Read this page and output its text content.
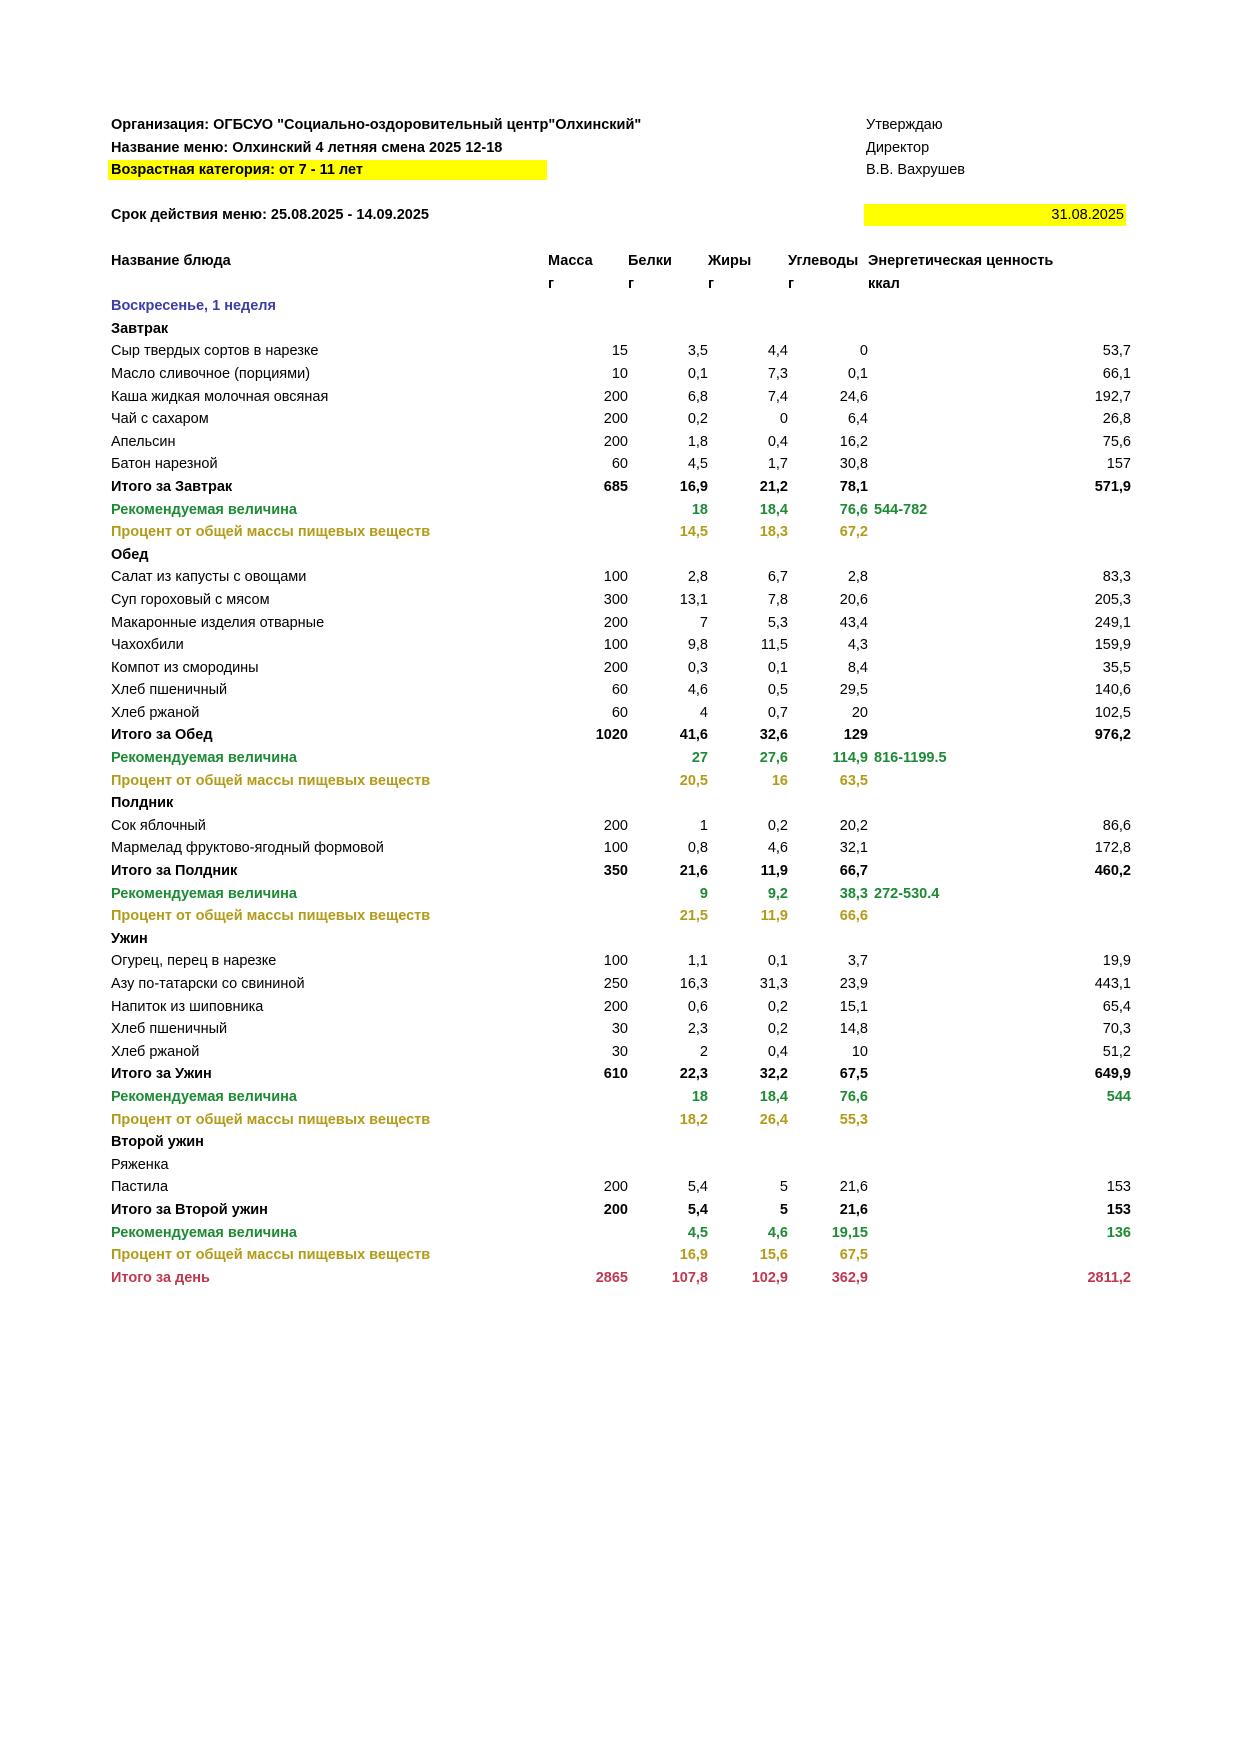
Организация: ОГБСУО "Социально-оздоровительный центр"Олхинский"
Название меню: Олхинский 4 летняя смена 2025 12-18
Возрастная категория: от 7 - 11 лет
Утверждаю
Директор
В.В. Вахрушев
Срок действия меню: 25.08.2025 - 14.09.2025	31.08.2025
Название блюда	Масса	Белки	Жиры	Углеводы	Энергетическая ценность
	г	г	г	г	ккал
Воскресенье, 1 неделя					
Завтрак					
Сыр твердых сортов в нарезке	15	3,5	4,4	0	53,7
Масло сливочное (порциями)	10	0,1	7,3	0,1	66,1
Каша жидкая молочная овсяная	200	6,8	7,4	24,6	192,7
Чай с сахаром	200	0,2	0	6,4	26,8
Апельсин	200	1,8	0,4	16,2	75,6
Батон нарезной	60	4,5	1,7	30,8	157
Итого за Завтрак	685	16,9	21,2	78,1	571,9
Рекомендуемая величина		18	18,4	76,6	544-782
Процент от общей массы пищевых веществ		14,5	18,3	67,2	
Обед					
Салат из капусты с овощами	100	2,8	6,7	2,8	83,3
Суп гороховый с мясом	300	13,1	7,8	20,6	205,3
Макаронные изделия отварные	200	7	5,3	43,4	249,1
Чахохбили	100	9,8	11,5	4,3	159,9
Компот из смородины	200	0,3	0,1	8,4	35,5
Хлеб пшеничный	60	4,6	0,5	29,5	140,6
Хлеб ржаной	60	4	0,7	20	102,5
Итого за Обед	1020	41,6	32,6	129	976,2
Рекомендуемая величина		27	27,6	114,9	816-1199.5
Процент от общей массы пищевых веществ		20,5	16	63,5	
Полдник					
Сок яблочный	200	1	0,2	20,2	86,6
Мармелад фруктово-ягодный формовой	100	0,8	4,6	32,1	172,8
Итого за Полдник	350	21,6	11,9	66,7	460,2
Рекомендуемая величина		9	9,2	38,3	272-530.4
Процент от общей массы пищевых веществ		21,5	11,9	66,6	
Ужин					
Огурец, перец в нарезке	100	1,1	0,1	3,7	19,9
Азу по-татарски со свининой	250	16,3	31,3	23,9	443,1
Напиток из шиповника	200	0,6	0,2	15,1	65,4
Хлеб пшеничный	30	2,3	0,2	14,8	70,3
Хлеб ржаной	30	2	0,4	10	51,2
Итого за Ужин	610	22,3	32,2	67,5	649,9
Рекомендуемая величина		18	18,4	76,6	544
Процент от общей массы пищевых веществ		18,2	26,4	55,3	
Второй ужин					
Ряженка					
Пастила	200	5,4	5	21,6	153
Итого за Второй ужин	200	5,4	5	21,6	153
Рекомендуемая величина		4,5	4,6	19,15	136
Процент от общей массы пищевых веществ		16,9	15,6	67,5	
Итого за день	2865	107,8	102,9	362,9	2811,2
